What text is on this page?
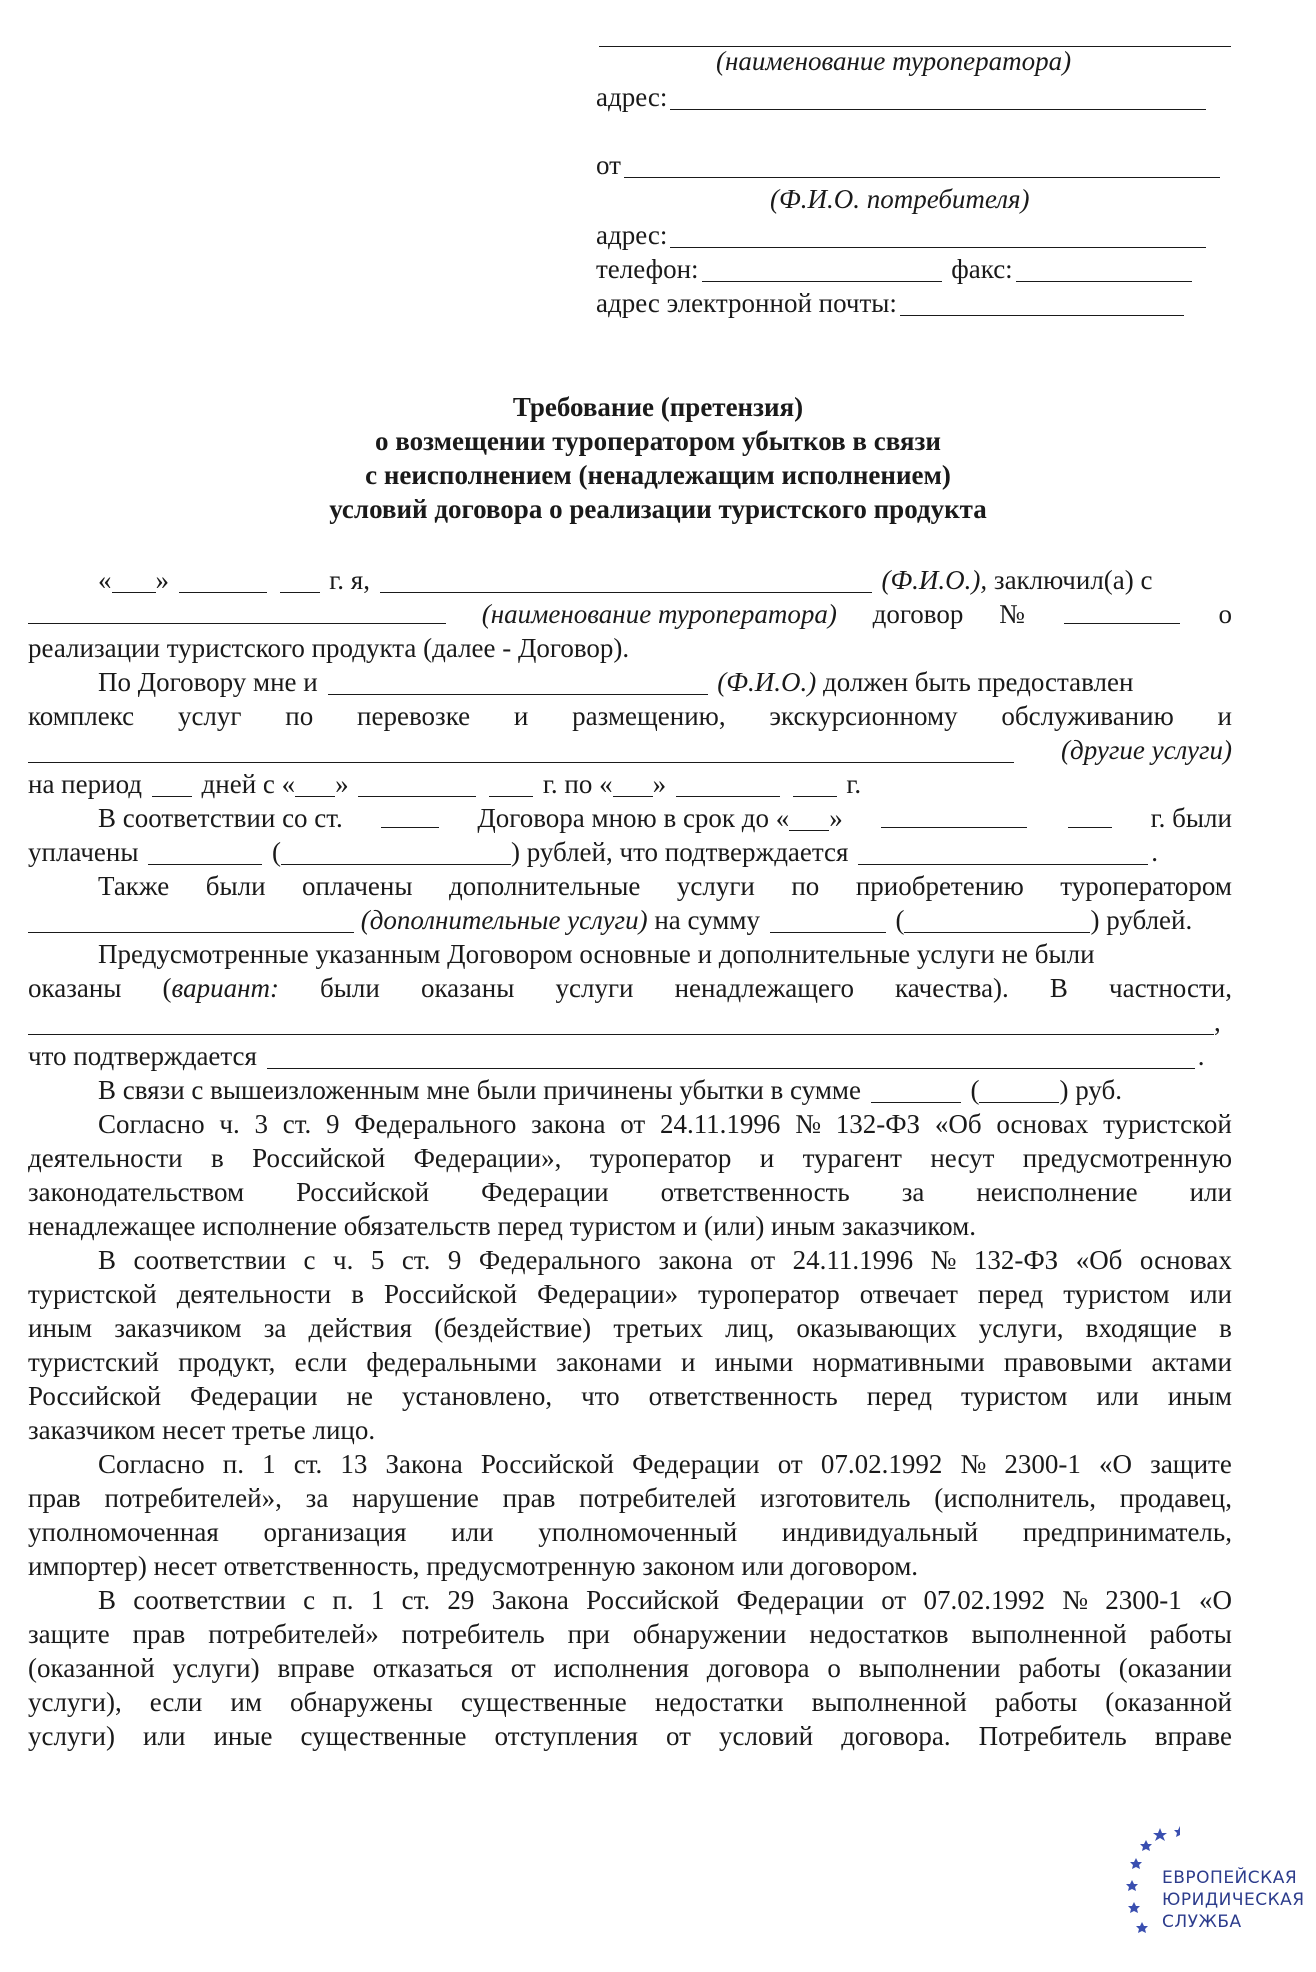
(наименование туроператора)
адрес:
от
(Ф.И.О. потребителя)
адрес:
телефон:	факс:
адрес электронной почты:
Требование (претензия)
о возмещении туроператором убытков в связи
с неисполнением (ненадлежащим исполнением)
условий договора о реализации туристского продукта
« »	г. я,	(Ф.И.О.), заключил(а) с
(наименование туроператора) договор №	о
реализации туристского продукта (далее - Договор).
По Договору мне и	(Ф.И.О.) должен быть предоставлен
комплекс услуг по перевозке и размещению, экскурсионному обслуживанию и
(другие услуги)
на период дней с « »	г. по « »	г.
В соответствии со ст.	Договора мною в срок до « »	г. были
уплачены	(	) рублей, что подтверждается	.
Также были оплачены дополнительные услуги по приобретению туроператором
(дополнительные услуги) на сумму	(	) рублей.
Предусмотренные указанным Договором основные и дополнительные услуги не были
оказаны (вариант: были оказаны услуги ненадлежащего качества). В частности,
,
что подтверждается	.
В связи с вышеизложенным мне были причинены убытки в сумме	(	) руб.
Согласно ч. 3 ст. 9 Федерального закона от 24.11.1996 № 132-ФЗ «Об основах туристской
деятельности в Российской Федерации», туроператор и турагент несут предусмотренную
законодательством Российской Федерации ответственность за неисполнение или
ненадлежащее исполнение обязательств перед туристом и (или) иным заказчиком.
В соответствии с ч. 5 ст. 9 Федерального закона от 24.11.1996 № 132-ФЗ «Об основах
туристской деятельности в Российской Федерации» туроператор отвечает перед туристом или
иным заказчиком за действия (бездействие) третьих лиц, оказывающих услуги, входящие в
туристский продукт, если федеральными законами и иными нормативными правовыми актами
Российской Федерации не установлено, что ответственность перед туристом или иным
заказчиком несет третье лицо.
Согласно п. 1 ст. 13 Закона Российской Федерации от 07.02.1992 № 2300-1 «О защите
прав потребителей», за нарушение прав потребителей изготовитель (исполнитель, продавец,
уполномоченная организация или уполномоченный индивидуальный предприниматель,
импортер) несет ответственность, предусмотренную законом или договором.
В соответствии с п. 1 ст. 29 Закона Российской Федерации от 07.02.1992 № 2300-1 «О
защите прав потребителей» потребитель при обнаружении недостатков выполненной работы
(оказанной услуги) вправе отказаться от исполнения договора о выполнении работы (оказании
услуги), если им обнаружены существенные недостатки выполненной работы (оказанной
услуги) или иные существенные отступления от условий договора. Потребитель вправе
ЕВРОПЕЙСКАЯ
ЮРИДИЧЕСКАЯ
СЛУЖБА
